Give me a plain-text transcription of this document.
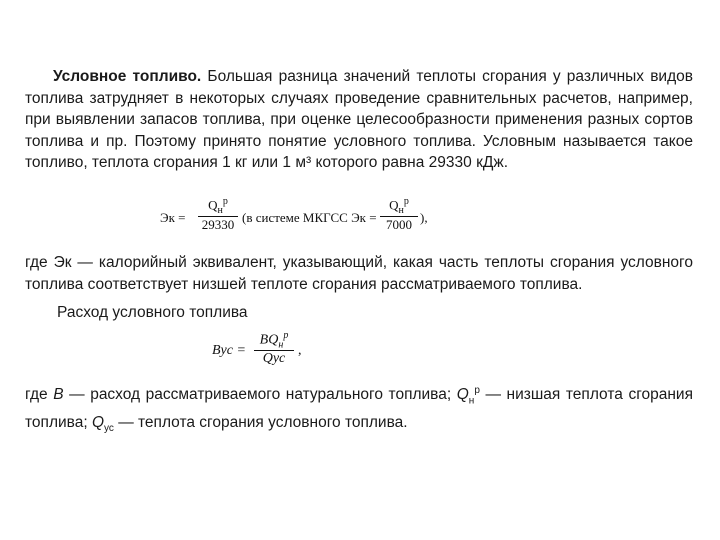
Условное топливо. Большая разница значений теплоты сгорания у различных видов топлива затрудняет в некоторых случаях проведение сравнительных расчетов, например, при выявлении запасов топлива, при оценке целесообразности применения разных сортов топлива и пр. Поэтому принято понятие условного топлива. Условным называется такое топливо, теплота сгорания 1 кг или 1 м³ которого равна 29330 кДж.

Эк =
$Q_н^р$
29330 (в системе МКГСС Эк =
$Q_н^р$
7000 ),

где Эк — калорийный эквивалент, указывающий, какая часть теплоты сгорания условного топлива соответствует низшей теплоте сгорания рассматриваемого топлива.

Расход условного топлива

Bус =
$BQ_н^р$
Qус
,

где B — расход рассматриваемого натурального топлива; $Q_н^р$ — низшая теплота сгорания топлива; $Q_{ус}$ — теплота сгорания условного топлива.
